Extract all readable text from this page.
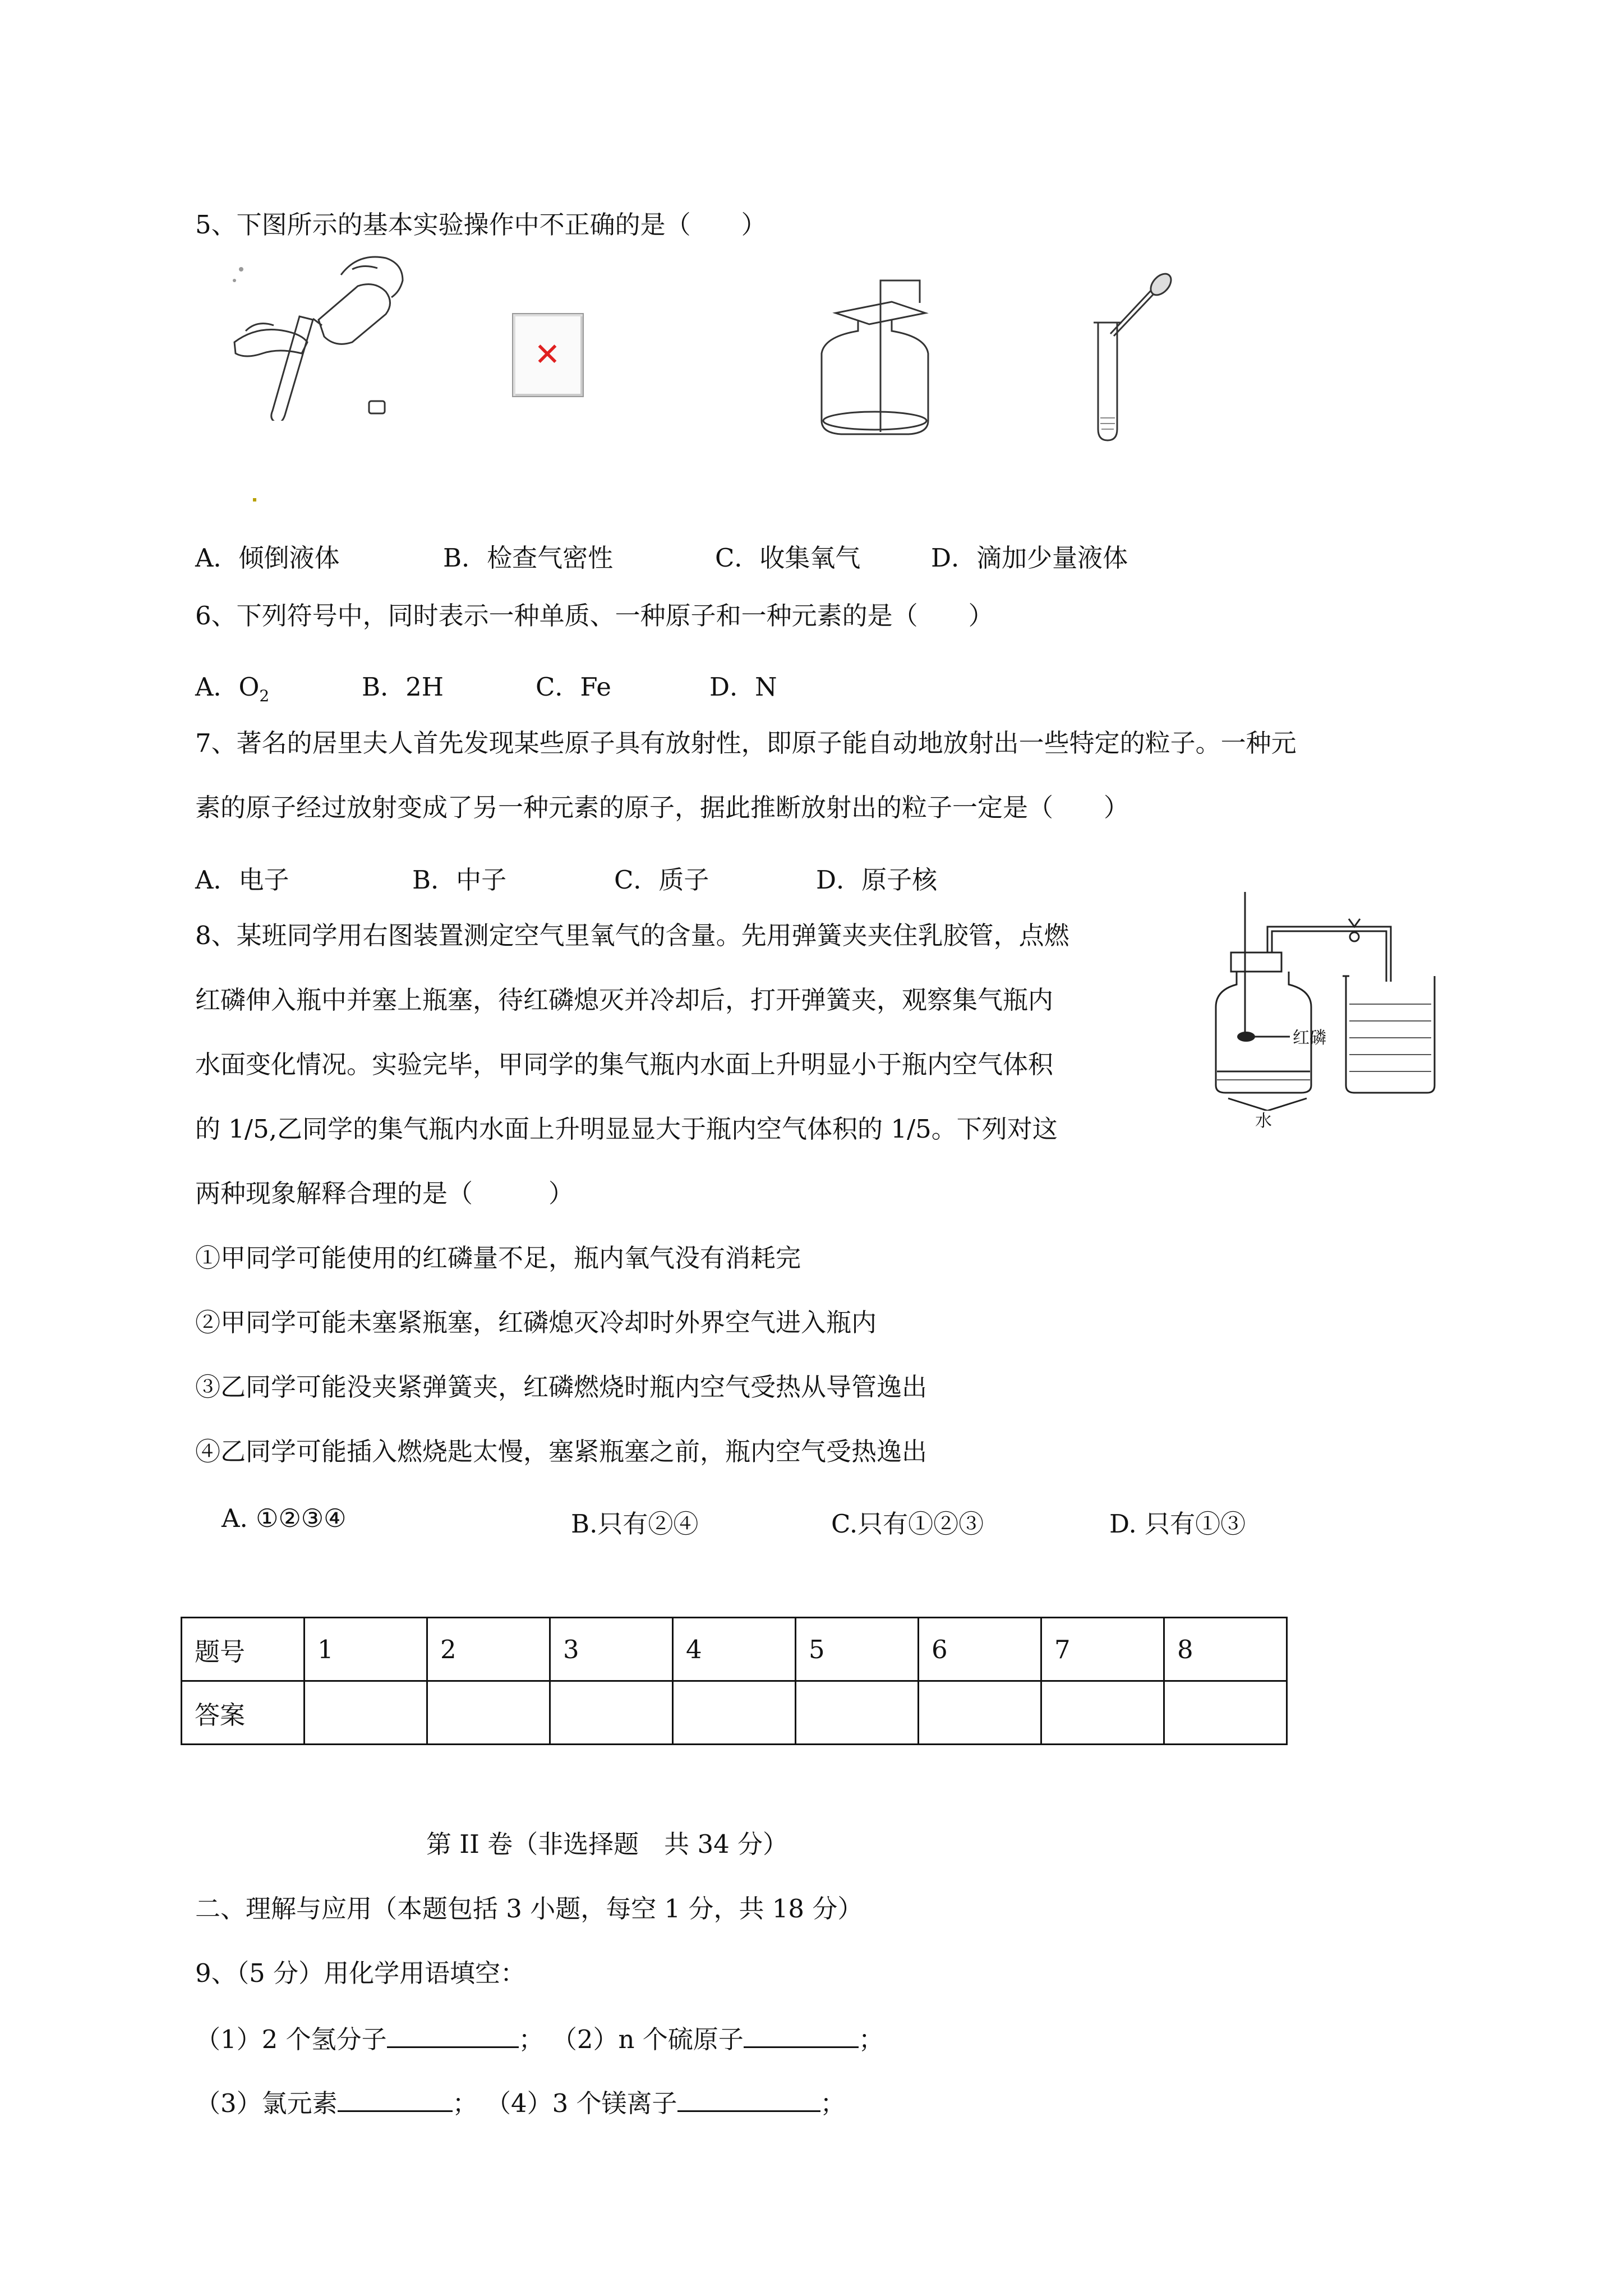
5、下图所示的基本实验操作中不正确的是（　　）
✕
A．倾倒液体	B．检查气密性	C．收集氧气	D．滴加少量液体
6、下列符号中，同时表示一种单质、一种原子和一种元素的是（　　）
A．$O_2$	B．2H	C．Fe	D．N
7、著名的居里夫人首先发现某些原子具有放射性，即原子能自动地放射出一些特定的粒子。一种元
素的原子经过放射变成了另一种元素的原子，据此推断放射出的粒子一定是（　　）
A．电子	B．中子	C．质子	D．原子核
8、某班同学用右图装置测定空气里氧气的含量。先用弹簧夹夹住乳胶管，点燃
红磷伸入瓶中并塞上瓶塞，待红磷熄灭并冷却后，打开弹簧夹，观察集气瓶内
水面变化情况。实验完毕，甲同学的集气瓶内水面上升明显小于瓶内空气体积
的 1/5,乙同学的集气瓶内水面上升明显显大于瓶内空气体积的 1/5。下列对这
两种现象解释合理的是（　　　）
红磷
水
①甲同学可能使用的红磷量不足，瓶内氧气没有消耗完
②甲同学可能未塞紧瓶塞，红磷熄灭冷却时外界空气进入瓶内
③乙同学可能没夹紧弹簧夹，红磷燃烧时瓶内空气受热从导管逸出
④乙同学可能插入燃烧匙太慢，塞紧瓶塞之前，瓶内空气受热逸出
A. ①②③④	B.只有②④	C.只有①②③	D. 只有①③
题号	1	2	3	4	5	6	7	8
答案								
第 II 卷（非选择题　共 34 分）
二、理解与应用（本题包括 3 小题，每空 1 分，共 18 分）
9、（5 分）用化学用语填空：
（1）2 个氢分子	； （2）n 个硫原子	；
（3）氯元素	； （4）3 个镁离子	；
